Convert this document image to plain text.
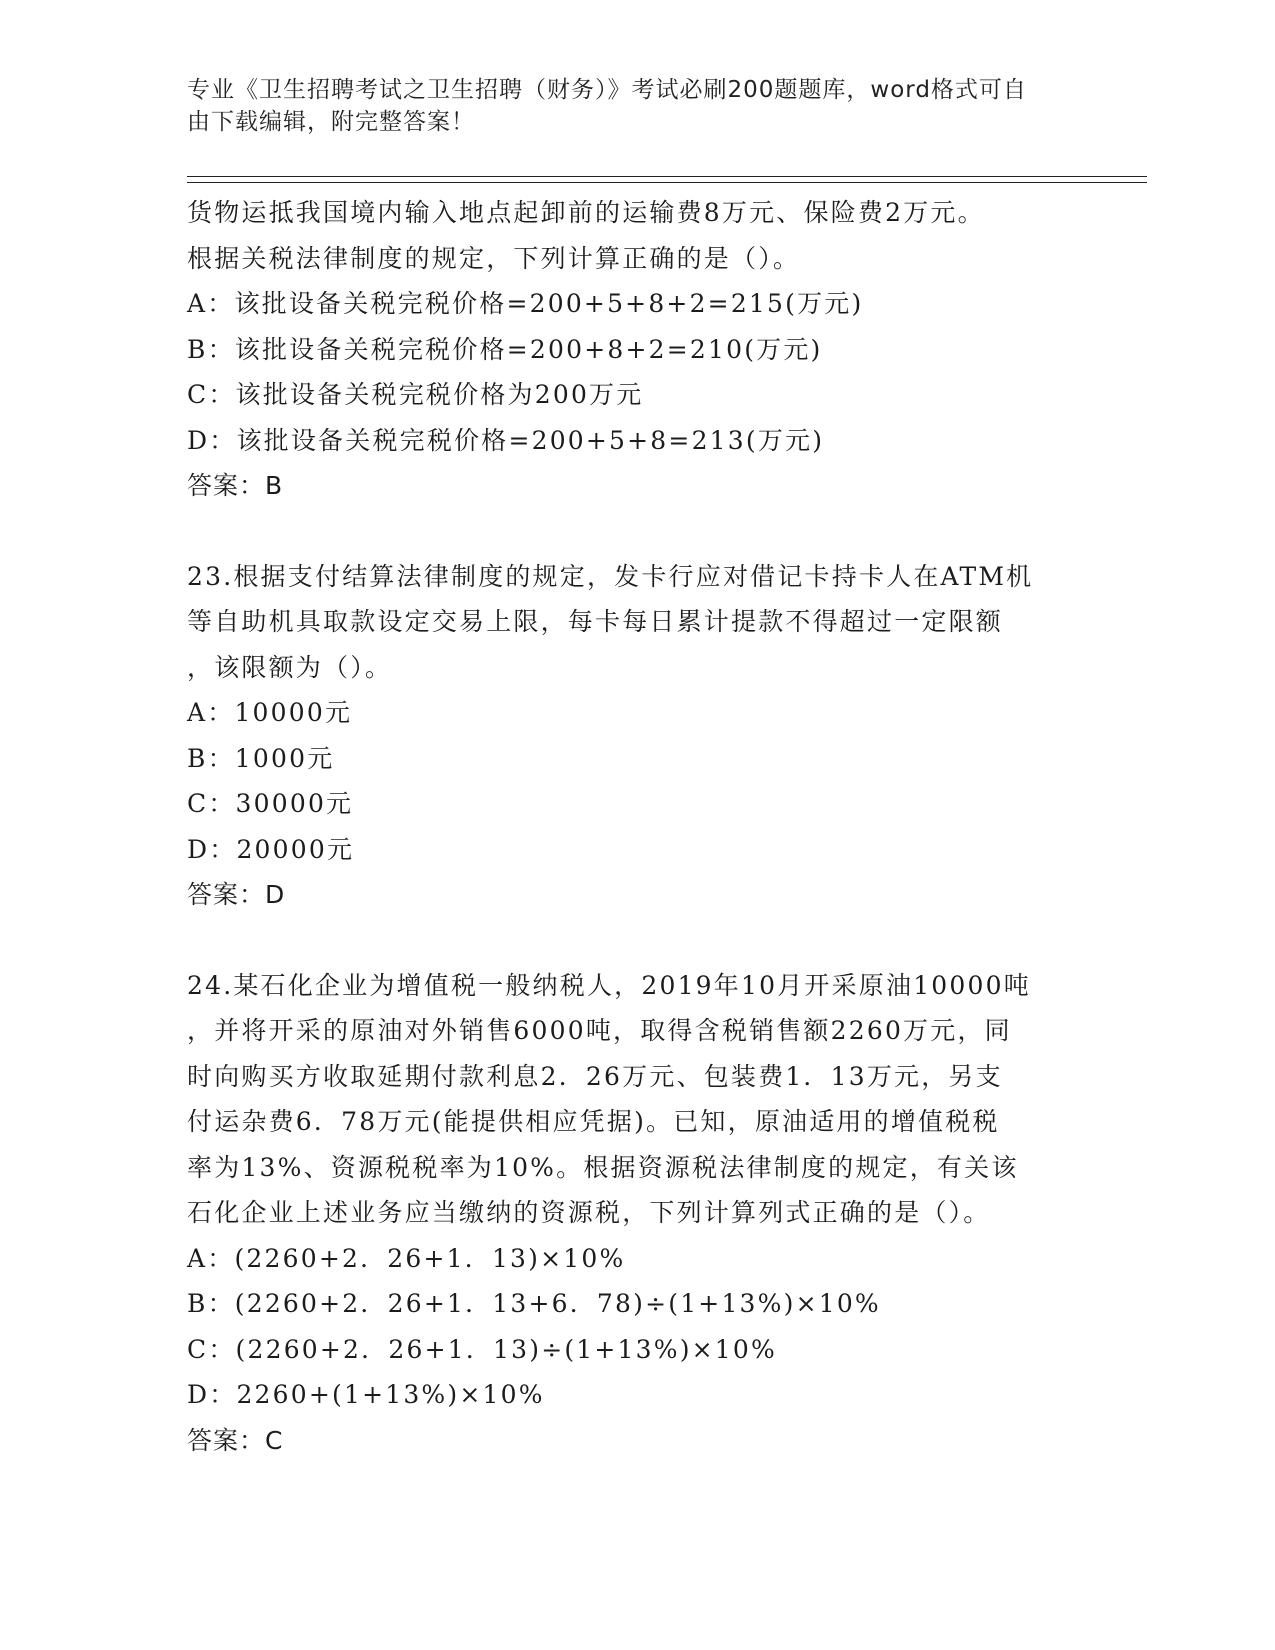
专业《卫生招聘考试之卫生招聘（财务）》考试必刷200题题库，word格式可自
由下载编辑，附完整答案！
货物运抵我国境内输入地点起卸前的运输费8万元、保险费2万元。
根据关税法律制度的规定，下列计算正确的是（）。
A：该批设备关税完税价格=200+5+8+2=215(万元)
B：该批设备关税完税价格=200+8+2=210(万元)
C：该批设备关税完税价格为200万元
D：该批设备关税完税价格=200+5+8=213(万元)
答案：B
23.根据支付结算法律制度的规定，发卡行应对借记卡持卡人在ATM机
等自助机具取款设定交易上限，每卡每日累计提款不得超过一定限额
，该限额为（）。
A：10000元
B：1000元
C：30000元
D：20000元
答案：D
24.某石化企业为增值税一般纳税人，2019年10月开采原油10000吨
，并将开采的原油对外销售6000吨，取得含税销售额2260万元，同
时向购买方收取延期付款利息2．26万元、包装费1．13万元，另支
付运杂费6．78万元(能提供相应凭据)。已知，原油适用的增值税税
率为13%、资源税税率为10%。根据资源税法律制度的规定，有关该
石化企业上述业务应当缴纳的资源税，下列计算列式正确的是（）。
A：(2260+2．26+1．13)×10%
B：(2260+2．26+1．13+6．78)÷(1+13%)×10%
C：(2260+2．26+1．13)÷(1+13%)×10%
D：2260+(1+13%)×10%
答案：C
